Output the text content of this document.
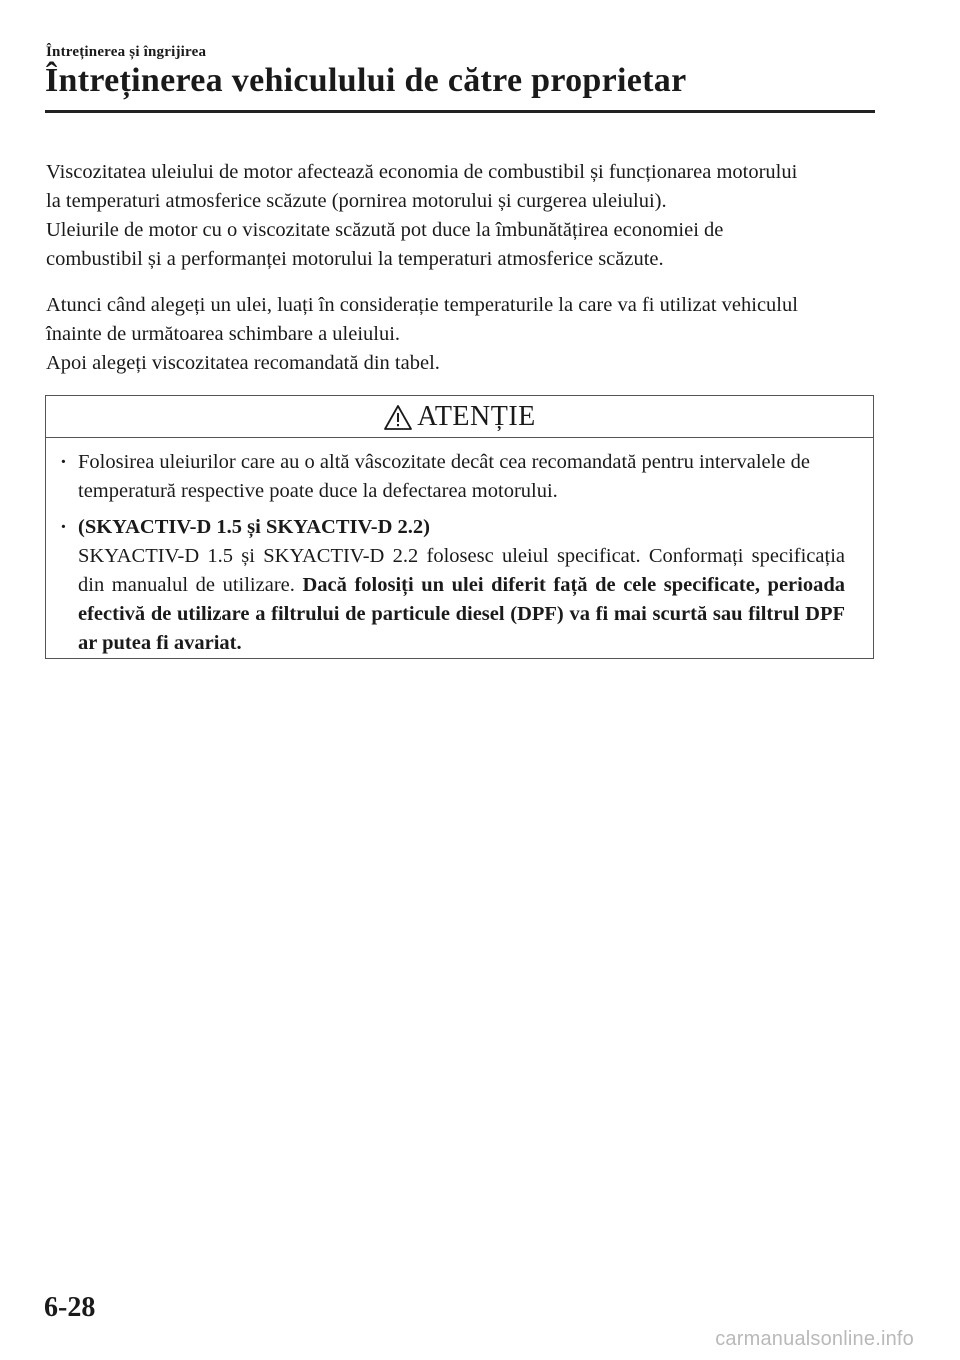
Întreținerea și îngrijirea
Întreținerea vehiculului de către proprietar
Viscozitatea uleiului de motor afectează economia de combustibil și funcționarea motorului
la temperaturi atmosferice scăzute (pornirea motorului și curgerea uleiului).
Uleiurile de motor cu o viscozitate scăzută pot duce la îmbunătățirea economiei de
combustibil și a performanței motorului la temperaturi atmosferice scăzute.
Atunci când alegeți un ulei, luați în considerație temperaturile la care va fi utilizat vehiculul
înainte de următoarea schimbare a uleiului.
Apoi alegeți viscozitatea recomandată din tabel.
ATENȚIE
· Folosirea uleiurilor care au o altă vâscozitate decât cea recomandată pentru intervalele de temperatură respective poate duce la defectarea motorului.
· (SKYACTIV-D 1.5 și SKYACTIV-D 2.2)
SKYACTIV-D 1.5 și SKYACTIV-D 2.2 folosesc uleiul specificat. Conformați specificația din manualul de utilizare. Dacă folosiți un ulei diferit față de cele specificate, perioada efectivă de utilizare a filtrului de particule diesel (DPF) va fi mai scurtă sau filtrul DPF ar putea fi avariat.
6-28
carmanualsonline.info
